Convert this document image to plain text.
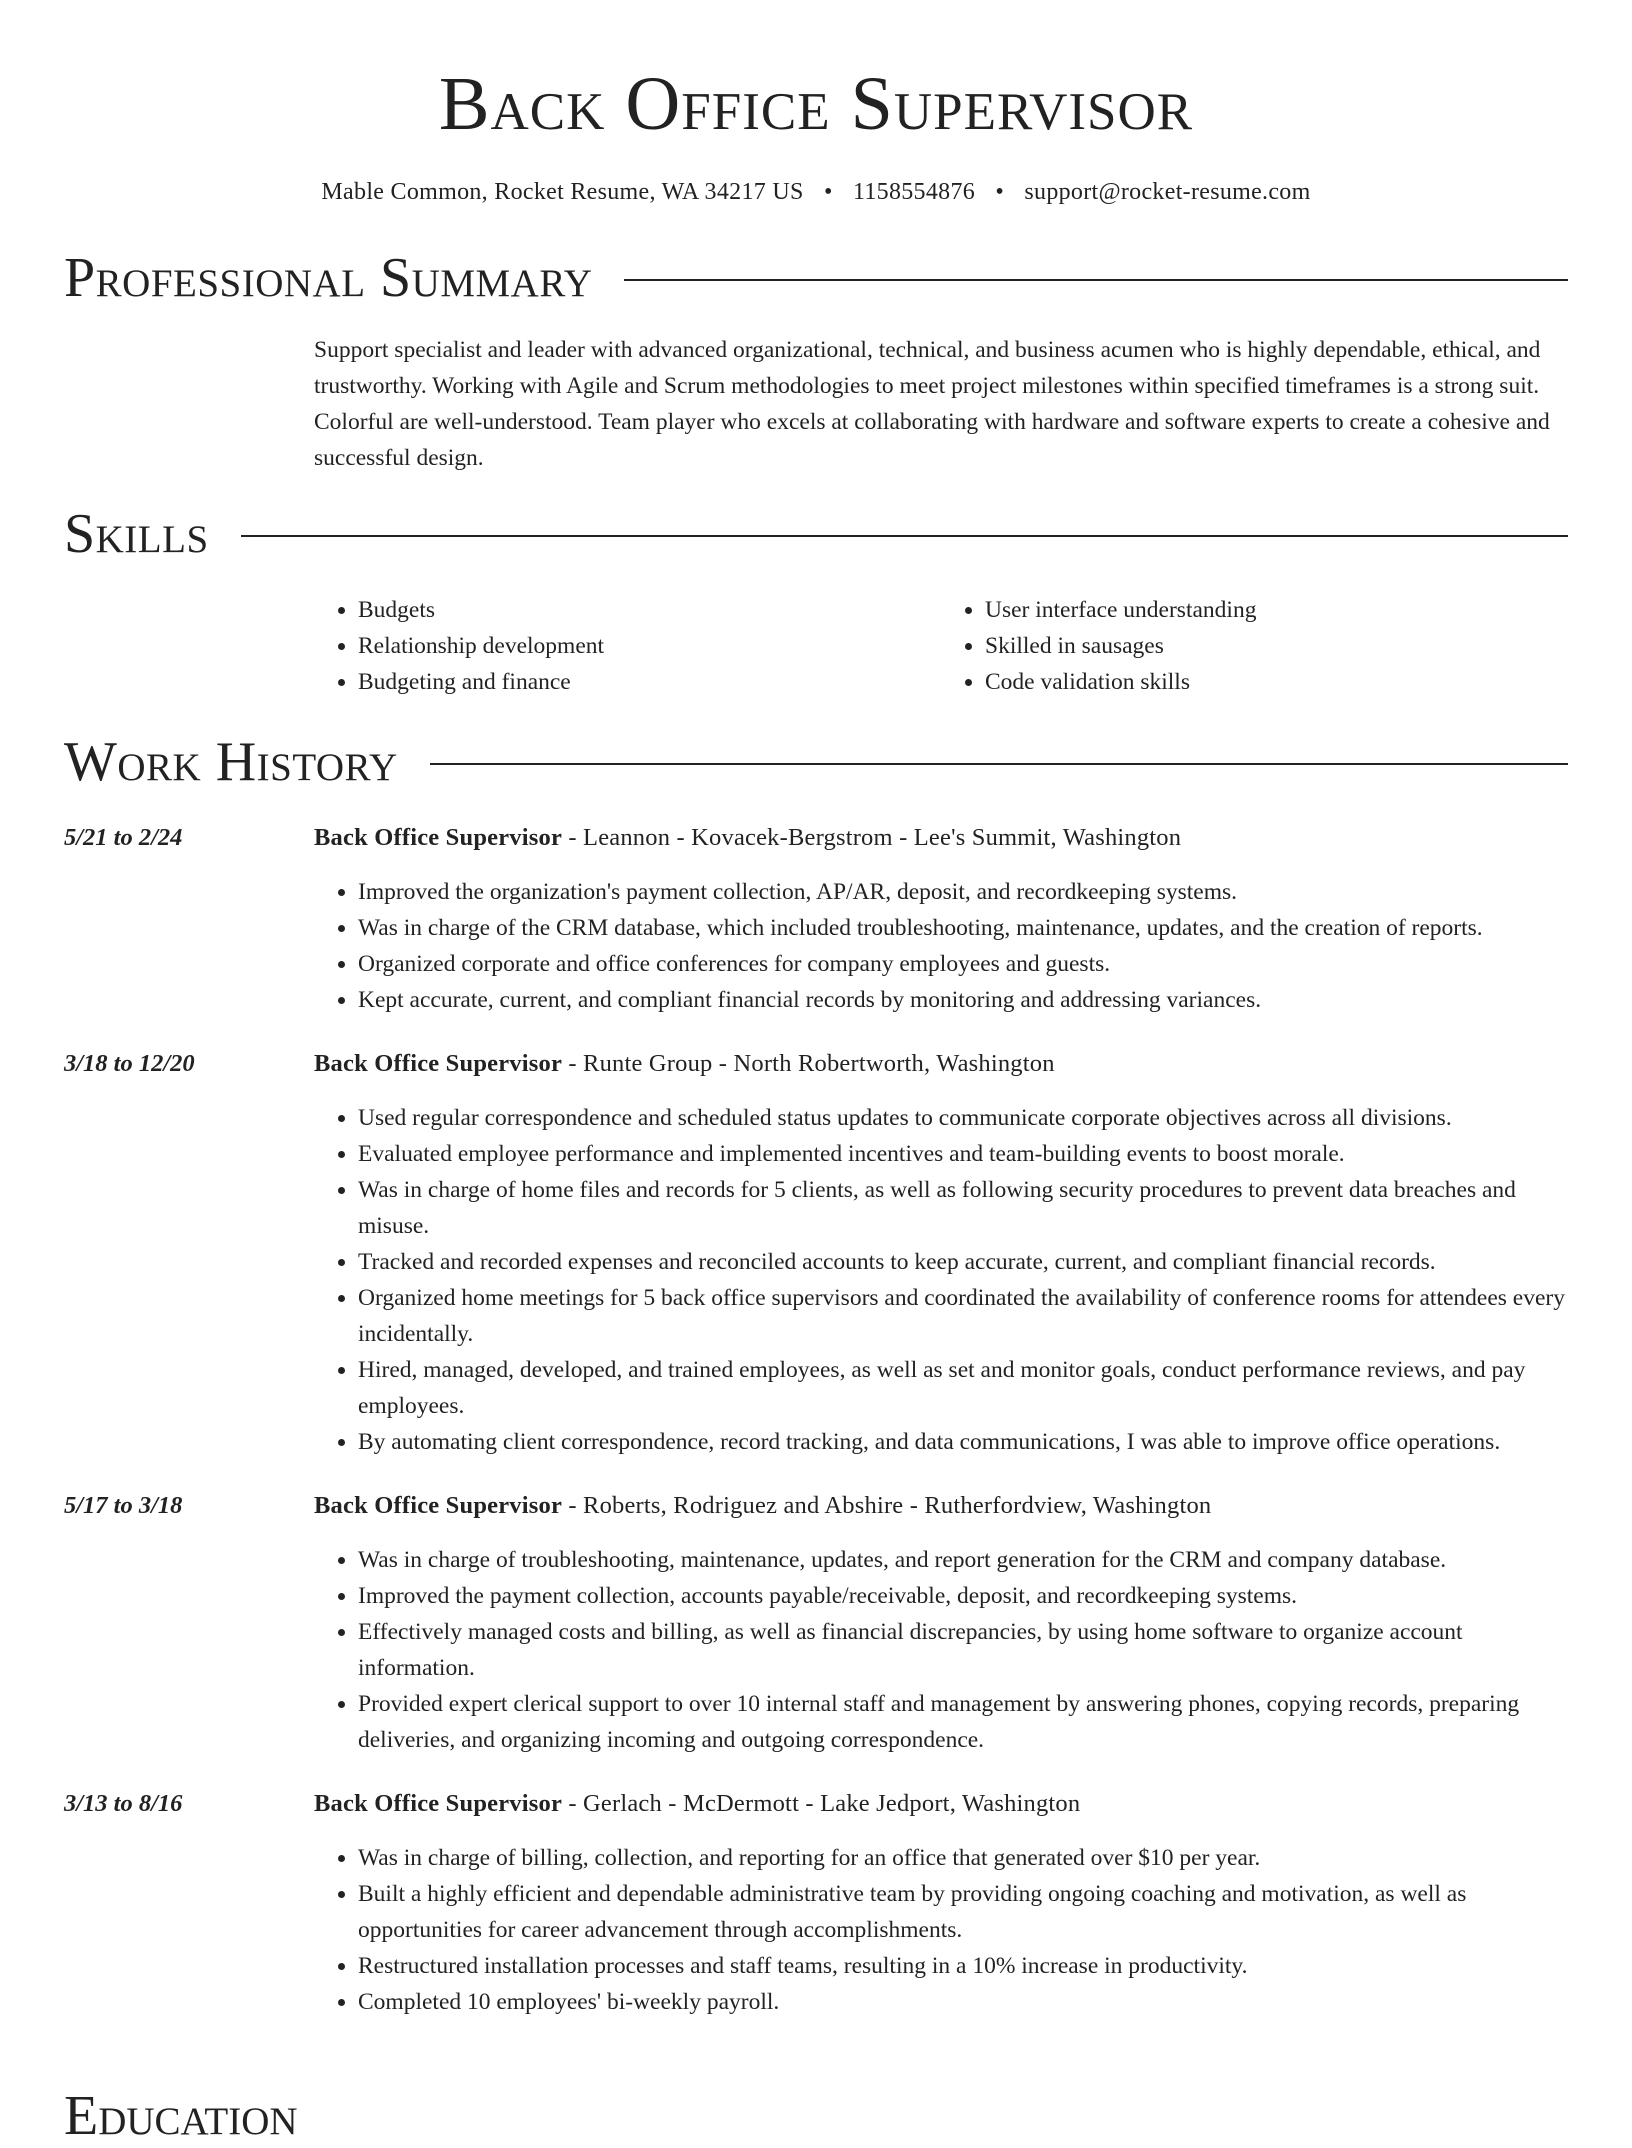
Back Office Supervisor
Mable Common, Rocket Resume, WA 34217 US • 1158554876 • support@rocket-resume.com
Professional Summary
Support specialist and leader with advanced organizational, technical, and business acumen who is highly dependable, ethical, and trustworthy. Working with Agile and Scrum methodologies to meet project milestones within specified timeframes is a strong suit. Colorful are well-understood. Team player who excels at collaborating with hardware and software experts to create a cohesive and successful design.
Skills
• Budgets
• Relationship development
• Budgeting and finance
• User interface understanding
• Skilled in sausages
• Code validation skills
Work History
5/21 to 2/24	Back Office Supervisor - Leannon - Kovacek-Bergstrom - Lee's Summit, Washington
• Improved the organization's payment collection, AP/AR, deposit, and recordkeeping systems.
• Was in charge of the CRM database, which included troubleshooting, maintenance, updates, and the creation of reports.
• Organized corporate and office conferences for company employees and guests.
• Kept accurate, current, and compliant financial records by monitoring and addressing variances.
3/18 to 12/20	Back Office Supervisor - Runte Group - North Robertworth, Washington
• Used regular correspondence and scheduled status updates to communicate corporate objectives across all divisions.
• Evaluated employee performance and implemented incentives and team-building events to boost morale.
• Was in charge of home files and records for 5 clients, as well as following security procedures to prevent data breaches and misuse.
• Tracked and recorded expenses and reconciled accounts to keep accurate, current, and compliant financial records.
• Organized home meetings for 5 back office supervisors and coordinated the availability of conference rooms for attendees every incidentally.
• Hired, managed, developed, and trained employees, as well as set and monitor goals, conduct performance reviews, and pay employees.
• By automating client correspondence, record tracking, and data communications, I was able to improve office operations.
5/17 to 3/18	Back Office Supervisor - Roberts, Rodriguez and Abshire - Rutherfordview, Washington
• Was in charge of troubleshooting, maintenance, updates, and report generation for the CRM and company database.
• Improved the payment collection, accounts payable/receivable, deposit, and recordkeeping systems.
• Effectively managed costs and billing, as well as financial discrepancies, by using home software to organize account information.
• Provided expert clerical support to over 10 internal staff and management by answering phones, copying records, preparing deliveries, and organizing incoming and outgoing correspondence.
3/13 to 8/16	Back Office Supervisor - Gerlach - McDermott - Lake Jedport, Washington
• Was in charge of billing, collection, and reporting for an office that generated over $10 per year.
• Built a highly efficient and dependable administrative team by providing ongoing coaching and motivation, as well as opportunities for career advancement through accomplishments.
• Restructured installation processes and staff teams, resulting in a 10% increase in productivity.
• Completed 10 employees' bi-weekly payroll.
Education
